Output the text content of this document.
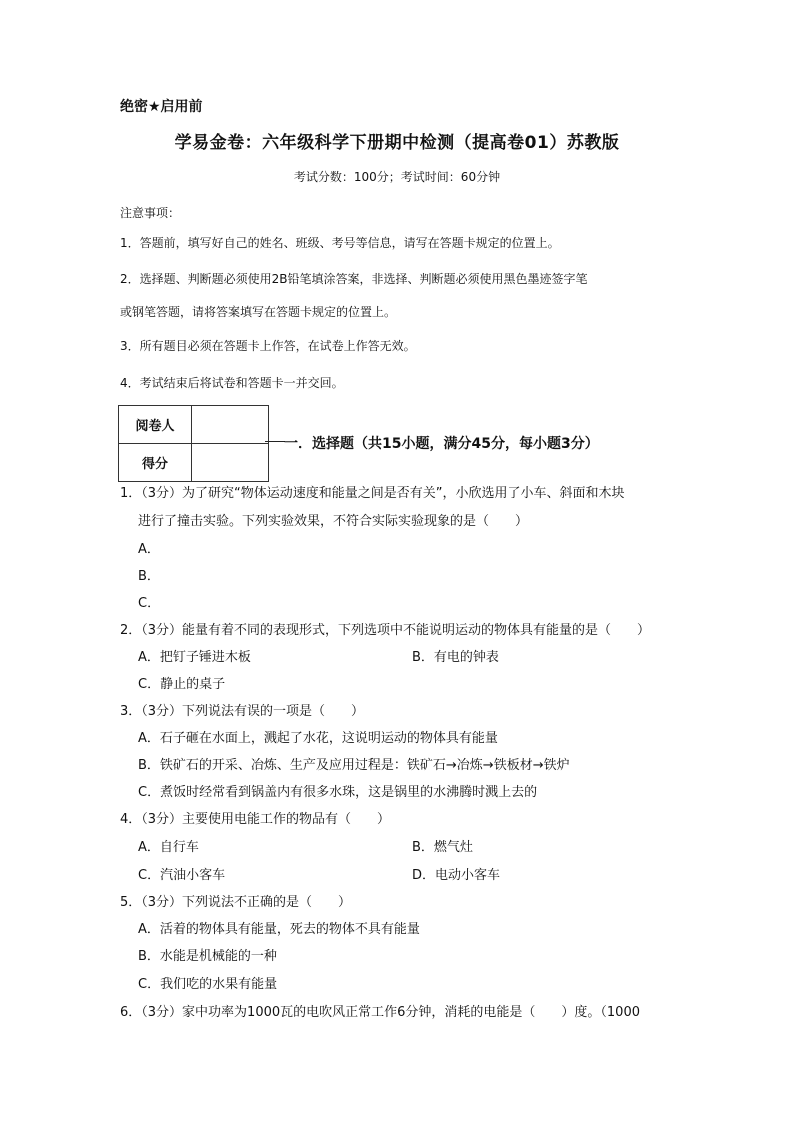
绝密★启用前
学易金卷：六年级科学下册期中检测（提高卷01）苏教版
考试分数：100分；考试时间：60分钟
注意事项：
1．答题前，填写好自己的姓名、班级、考号等信息，请写在答题卡规定的位置上。
2．选择题、判断题必须使用2B铅笔填涂答案，非选择、判断题必须使用黑色墨迹签字笔
或钢笔答题，请将答案填写在答题卡规定的位置上。
3．所有题目必须在答题卡上作答，在试卷上作答无效。
4．考试结束后将试卷和答题卡一并交回。
阅卷人	
得分	
一．选择题（共15小题，满分45分，每小题3分）
1．（3分）为了研究“物体运动速度和能量之间是否有关”，小欣选用了小车、斜面和木块
进行了撞击实验。下列实验效果，不符合实际实验现象的是（　　）
A．
B．
C．
2．（3分）能量有着不同的表现形式，下列选项中不能说明运动的物体具有能量的是（　　）
A．把钉子锤进木板	B．有电的钟表
C．静止的桌子
3．（3分）下列说法有误的一项是（　　）
A．石子砸在水面上，溅起了水花，这说明运动的物体具有能量
B．铁矿石的开采、冶炼、生产及应用过程是：铁矿石→冶炼→铁板材→铁炉
C．煮饭时经常看到锅盖内有很多水珠，这是锅里的水沸腾时溅上去的
4．（3分）主要使用电能工作的物品有（　　）
A．自行车	B．燃气灶
C．汽油小客车	D．电动小客车
5．（3分）下列说法不正确的是（　　）
A．活着的物体具有能量，死去的物体不具有能量
B．水能是机械能的一种
C．我们吃的水果有能量
6．（3分）家中功率为1000瓦的电吹风正常工作6分钟，消耗的电能是（　　）度。（1000
